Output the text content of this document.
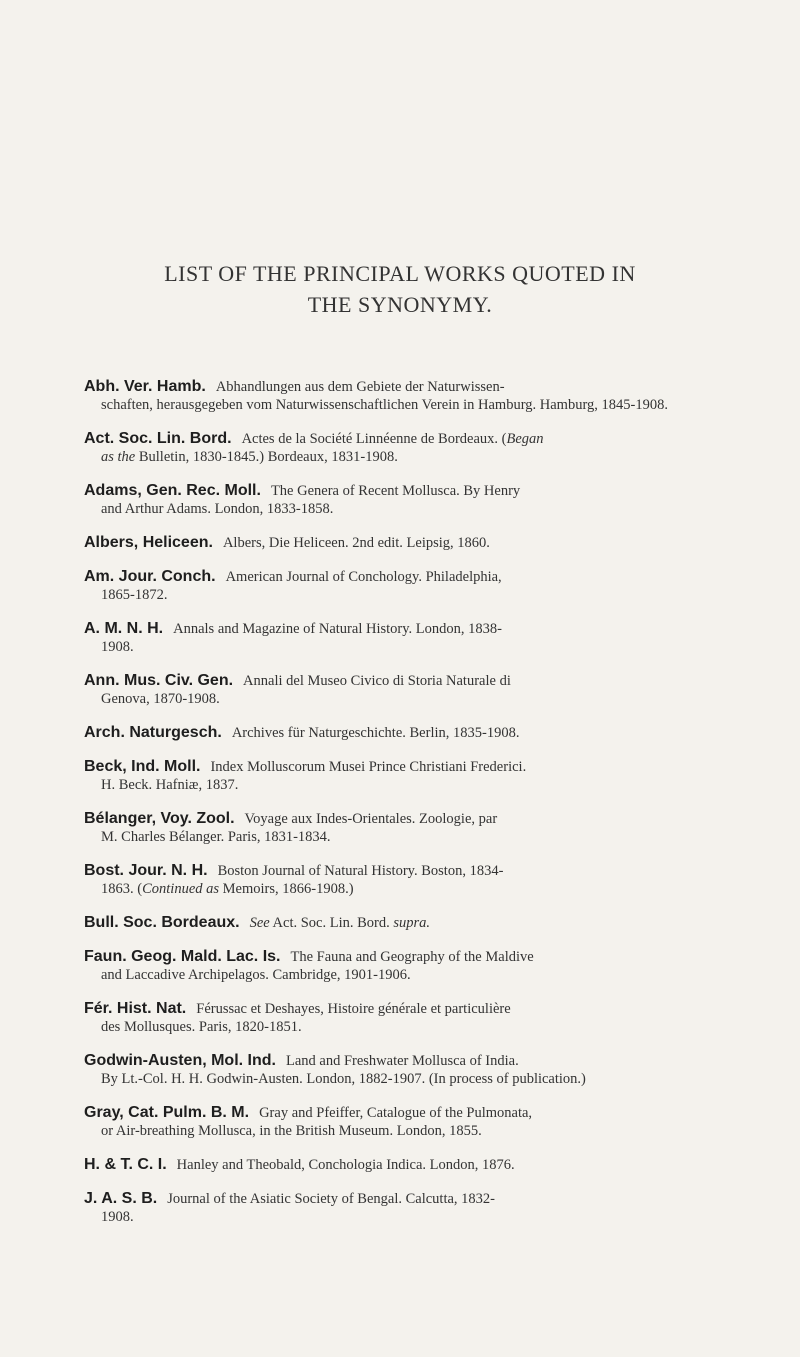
LIST OF THE PRINCIPAL WORKS QUOTED IN
THE SYNONYMY.
Abh. Ver. Hamb. Abhandlungen aus dem Gebiete der Naturwissen-
schaften, herausgegeben vom Naturwissenschaftlichen Verein in Hamburg. Hamburg, 1845-1908.
Act. Soc. Lin. Bord. Actes de la Société Linnéenne de Bordeaux. (Began
as the Bulletin, 1830-1845.) Bordeaux, 1831-1908.
Adams, Gen. Rec. Moll. The Genera of Recent Mollusca. By Henry
and Arthur Adams. London, 1833-1858.
Albers, Heliceen. Albers, Die Heliceen. 2nd edit. Leipsig, 1860.
Am. Jour. Conch. American Journal of Conchology. Philadelphia,
1865-1872.
A. M. N. H. Annals and Magazine of Natural History. London, 1838-
1908.
Ann. Mus. Civ. Gen. Annali del Museo Civico di Storia Naturale di
Genova, 1870-1908.
Arch. Naturgesch. Archives für Naturgeschichte. Berlin, 1835-1908.
Beck, Ind. Moll. Index Molluscorum Musei Prince Christiani Frederici.
H. Beck. Hafniæ, 1837.
Bélanger, Voy. Zool. Voyage aux Indes-Orientales. Zoologie, par
M. Charles Bélanger. Paris, 1831-1834.
Bost. Jour. N. H. Boston Journal of Natural History. Boston, 1834-
1863. (Continued as Memoirs, 1866-1908.)
Bull. Soc. Bordeaux. See Act. Soc. Lin. Bord. supra.
Faun. Geog. Mald. Lac. Is. The Fauna and Geography of the Maldive
and Laccadive Archipelagos. Cambridge, 1901-1906.
Fér. Hist. Nat. Férussac et Deshayes, Histoire générale et particulière
des Mollusques. Paris, 1820-1851.
Godwin-Austen, Mol. Ind. Land and Freshwater Mollusca of India.
By Lt.-Col. H. H. Godwin-Austen. London, 1882-1907. (In process of publication.)
Gray, Cat. Pulm. B. M. Gray and Pfeiffer, Catalogue of the Pulmonata,
or Air-breathing Mollusca, in the British Museum. London, 1855.
H. & T. C. I. Hanley and Theobald, Conchologia Indica. London, 1876.
J. A. S. B. Journal of the Asiatic Society of Bengal. Calcutta, 1832-
1908.
